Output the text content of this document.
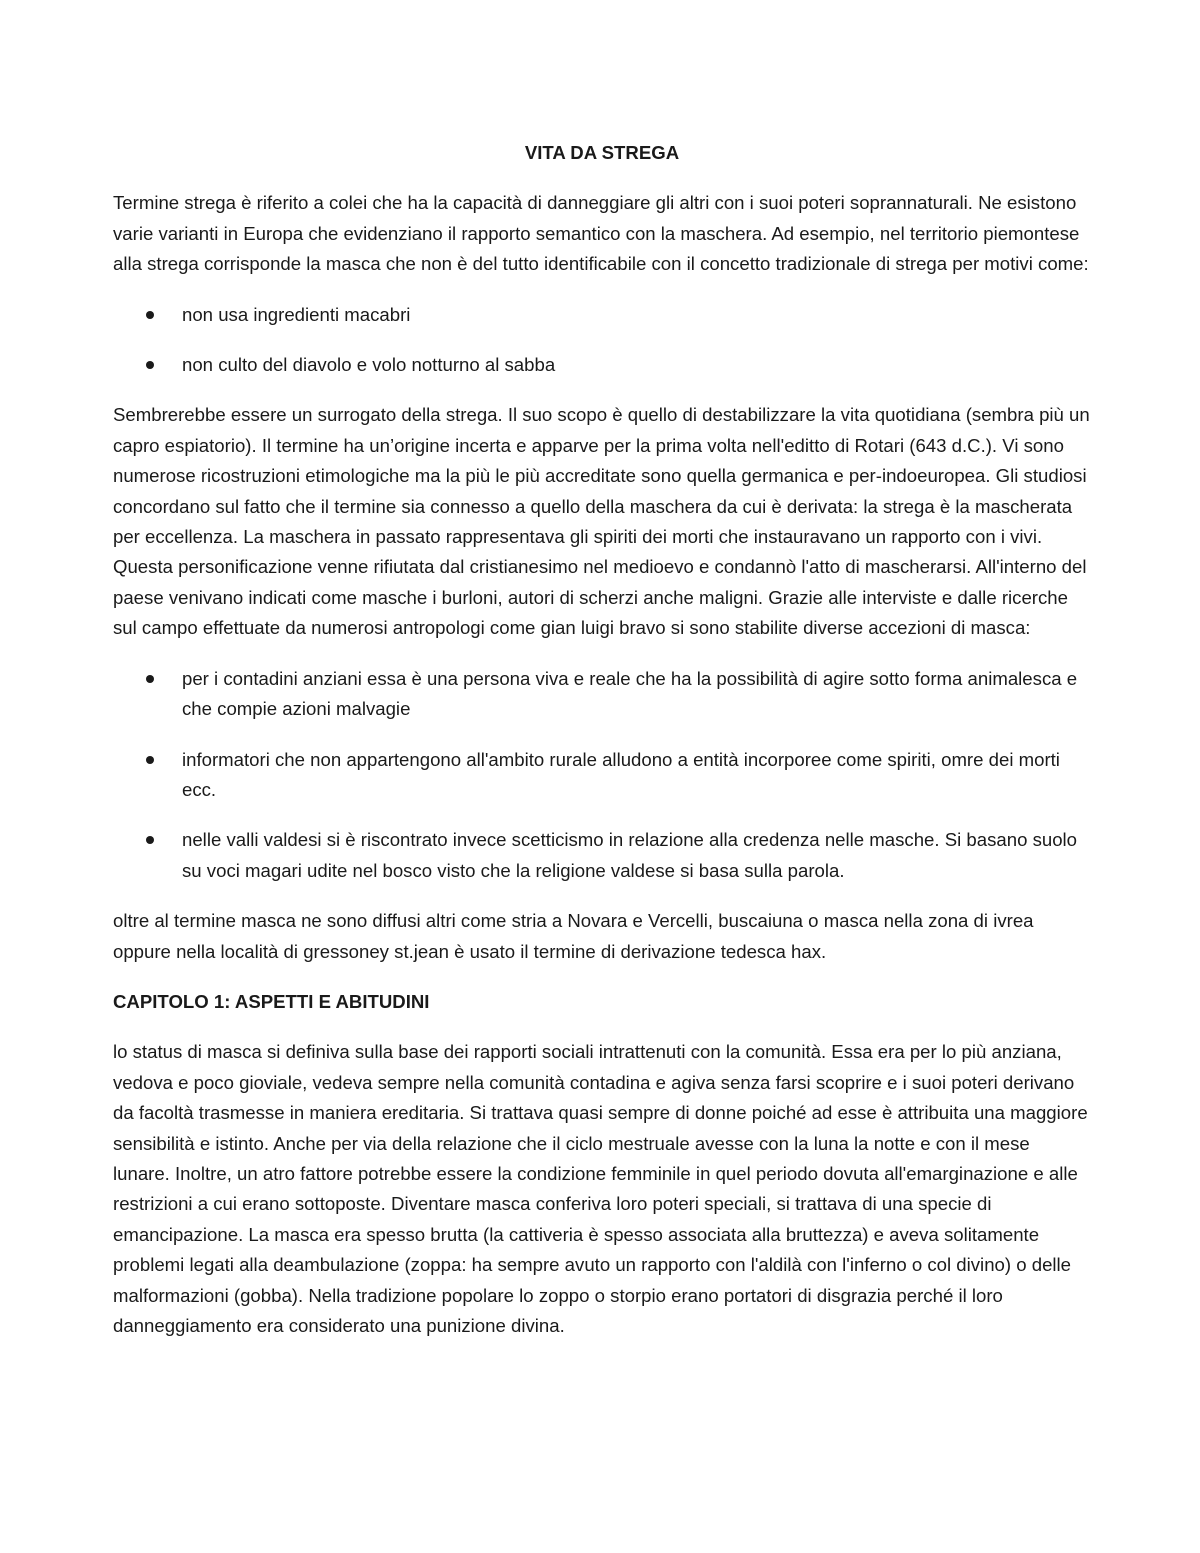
VITA DA STREGA

Termine strega è riferito a colei che ha la capacità di danneggiare gli altri con i suoi poteri soprannaturali. Ne esistono varie varianti in Europa che evidenziano il rapporto semantico con la maschera. Ad esempio, nel territorio piemontese alla strega corrisponde la masca che non è del tutto identificabile con il concetto tradizionale di strega per motivi come:

non usa ingredienti macabri
non culto del diavolo e volo notturno al sabba

Sembrerebbe essere un surrogato della strega. Il suo scopo è quello di destabilizzare la vita quotidiana (sembra più un capro espiatorio). Il termine ha un’origine incerta e apparve per la prima volta nell'editto di Rotari (643 d.C.). Vi sono numerose ricostruzioni etimologiche ma la più le più accreditate sono quella germanica e per-indoeuropea. Gli studiosi concordano sul fatto che il termine sia connesso a quello della maschera da cui è derivata: la strega è la mascherata per eccellenza. La maschera in passato rappresentava gli spiriti dei morti che instauravano un rapporto con i vivi. Questa personificazione venne rifiutata dal cristianesimo nel medioevo e condannò l'atto di mascherarsi. All'interno del paese venivano indicati come masche i burloni, autori di scherzi anche maligni. Grazie alle interviste e dalle ricerche sul campo effettuate da numerosi antropologi come gian luigi bravo si sono stabilite diverse accezioni di masca:

per i contadini anziani essa è una persona viva e reale che ha la possibilità di agire sotto forma animalesca e che compie azioni malvagie
informatori che non appartengono all'ambito rurale alludono a entità incorporee come spiriti, omre dei morti ecc.
nelle valli valdesi si è riscontrato invece scetticismo in relazione alla credenza nelle masche. Si basano suolo su voci magari udite nel bosco visto che la religione valdese si basa sulla parola.

oltre al termine masca ne sono diffusi altri come stria a Novara e Vercelli, buscaiuna o masca nella zona di ivrea oppure nella località di gressoney st.jean è usato il termine di derivazione tedesca hax.

CAPITOLO 1: ASPETTI E ABITUDINI

lo status di masca si definiva sulla base dei rapporti sociali intrattenuti con la comunità. Essa era per lo più anziana, vedova e poco gioviale, vedeva sempre nella comunità contadina e agiva senza farsi scoprire e i suoi poteri derivano da facoltà trasmesse in maniera ereditaria. Si trattava quasi sempre di donne poiché ad esse è attribuita una maggiore sensibilità e istinto. Anche per via della relazione che il ciclo mestruale avesse con la luna la notte e con il mese lunare. Inoltre, un atro fattore potrebbe essere la condizione femminile in quel periodo dovuta all'emarginazione e alle restrizioni a cui erano sottoposte. Diventare masca conferiva loro poteri speciali, si trattava di una specie di emancipazione. La masca era spesso brutta (la cattiveria è spesso associata alla bruttezza) e aveva solitamente problemi legati alla deambulazione (zoppa: ha sempre avuto un rapporto con l'aldilà con l'inferno o col divino) o delle malformazioni (gobba). Nella tradizione popolare lo zoppo o storpio erano portatori di disgrazia perché il loro danneggiamento era considerato una punizione divina.
